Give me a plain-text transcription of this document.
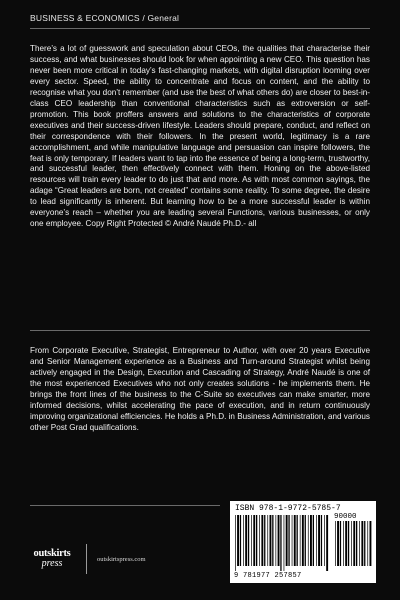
BUSINESS & ECONOMICS / General
There’s a lot of guesswork and speculation about CEOs, the qualities that characterise their success, and what businesses should look for when appointing a new CEO. This question has never been more critical in today’s fast-changing markets, with digital disruption looming over every sector. Speed, the ability to concentrate and focus on content, and the ability to recognise what you don’t remember (and use the best of what others do) are closer to best-in-class CEO leadership than conventional characteristics such as extroversion or self-promotion. This book proffers answers and solutions to the characteristics of corporate executives and their success-driven lifestyle. Leaders should prepare, conduct, and reflect on their correspondence with their followers. In the present world, legitimacy is a rare accomplishment, and while manipulative language and persuasion can inspire followers, the feat is only temporary. If leaders want to tap into the essence of being a long-term, trustworthy, and successful leader, then effectively connect with them. Honing on the above-listed resources will train every leader to do just that and more. As with most common sayings, the adage “Great leaders are born, not created” contains some reality. To some degree, the desire to lead significantly is inherent. But learning how to be a more successful leader is within everyone’s reach – whether you are leading several Functions, various businesses, or only one employee. Copy Right Protected © André Naudé Ph.D.- all
From Corporate Executive, Strategist, Entrepreneur to Author, with over 20 years Executive and Senior Management experience as a Business and Turn-around Strategist whilst being actively engaged in the Design, Execution and Cascading of Strategy, André Naudé is one of the most experienced Executives who not only creates solutions - he implements them. He brings the front lines of the business to the C-Suite so executives can make smarter, more informed decisions, whilst accelerating the pace of execution, and in return continuously improving organizational efficiencies. He holds a Ph.D. in Business Administration, and various other Post Grad qualifications.
outskirts
press	outskirtspress.com
ISBN 978-1-9772-5785-7
90000
9 781977 257857
